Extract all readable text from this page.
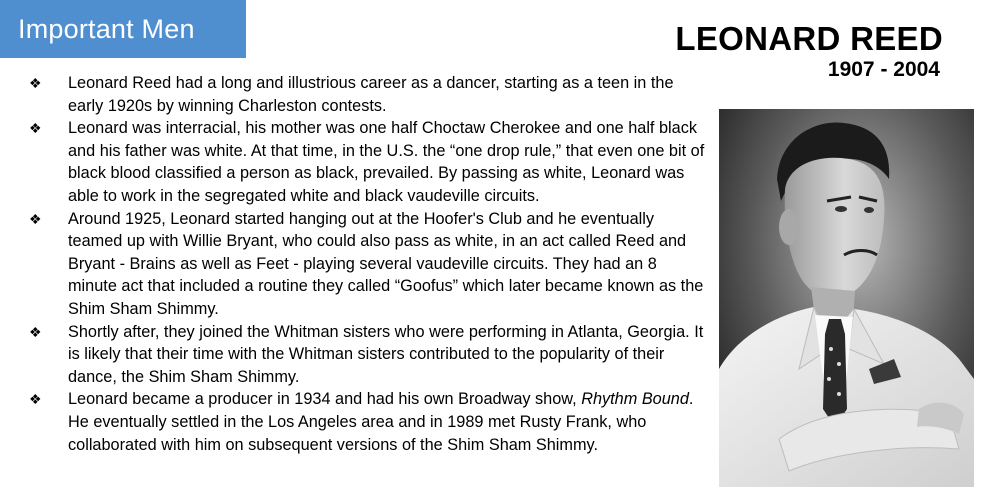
Important Men	LEONARD REED
1907 - 2004
❖ Leonard Reed had a long and illustrious career as a dancer, starting as a teen in the early 1920s by winning Charleston contests.
❖ Leonard was interracial, his mother was one half Choctaw Cherokee and one half black and his father was white. At that time, in the U.S. the “one drop rule,” that even one bit of black blood classified a person as black, prevailed. By passing as white, Leonard was able to work in the segregated white and black vaudeville circuits.
❖ Around 1925, Leonard started hanging out at the Hoofer's Club and he eventually teamed up with Willie Bryant, who could also pass as white, in an act called Reed and Bryant - Brains as well as Feet - playing several vaudeville circuits. They had an 8 minute act that included a routine they called “Goofus” which later became known as the Shim Sham Shimmy.
❖ Shortly after, they joined the Whitman sisters who were performing in Atlanta, Georgia. It is likely that their time with the Whitman sisters contributed to the popularity of their dance, the Shim Sham Shimmy.
❖ Leonard became a producer in 1934 and had his own Broadway show, Rhythm Bound. He eventually settled in the Los Angeles area and in 1989 met Rusty Frank, who collaborated with him on subsequent versions of the Shim Sham Shimmy.
